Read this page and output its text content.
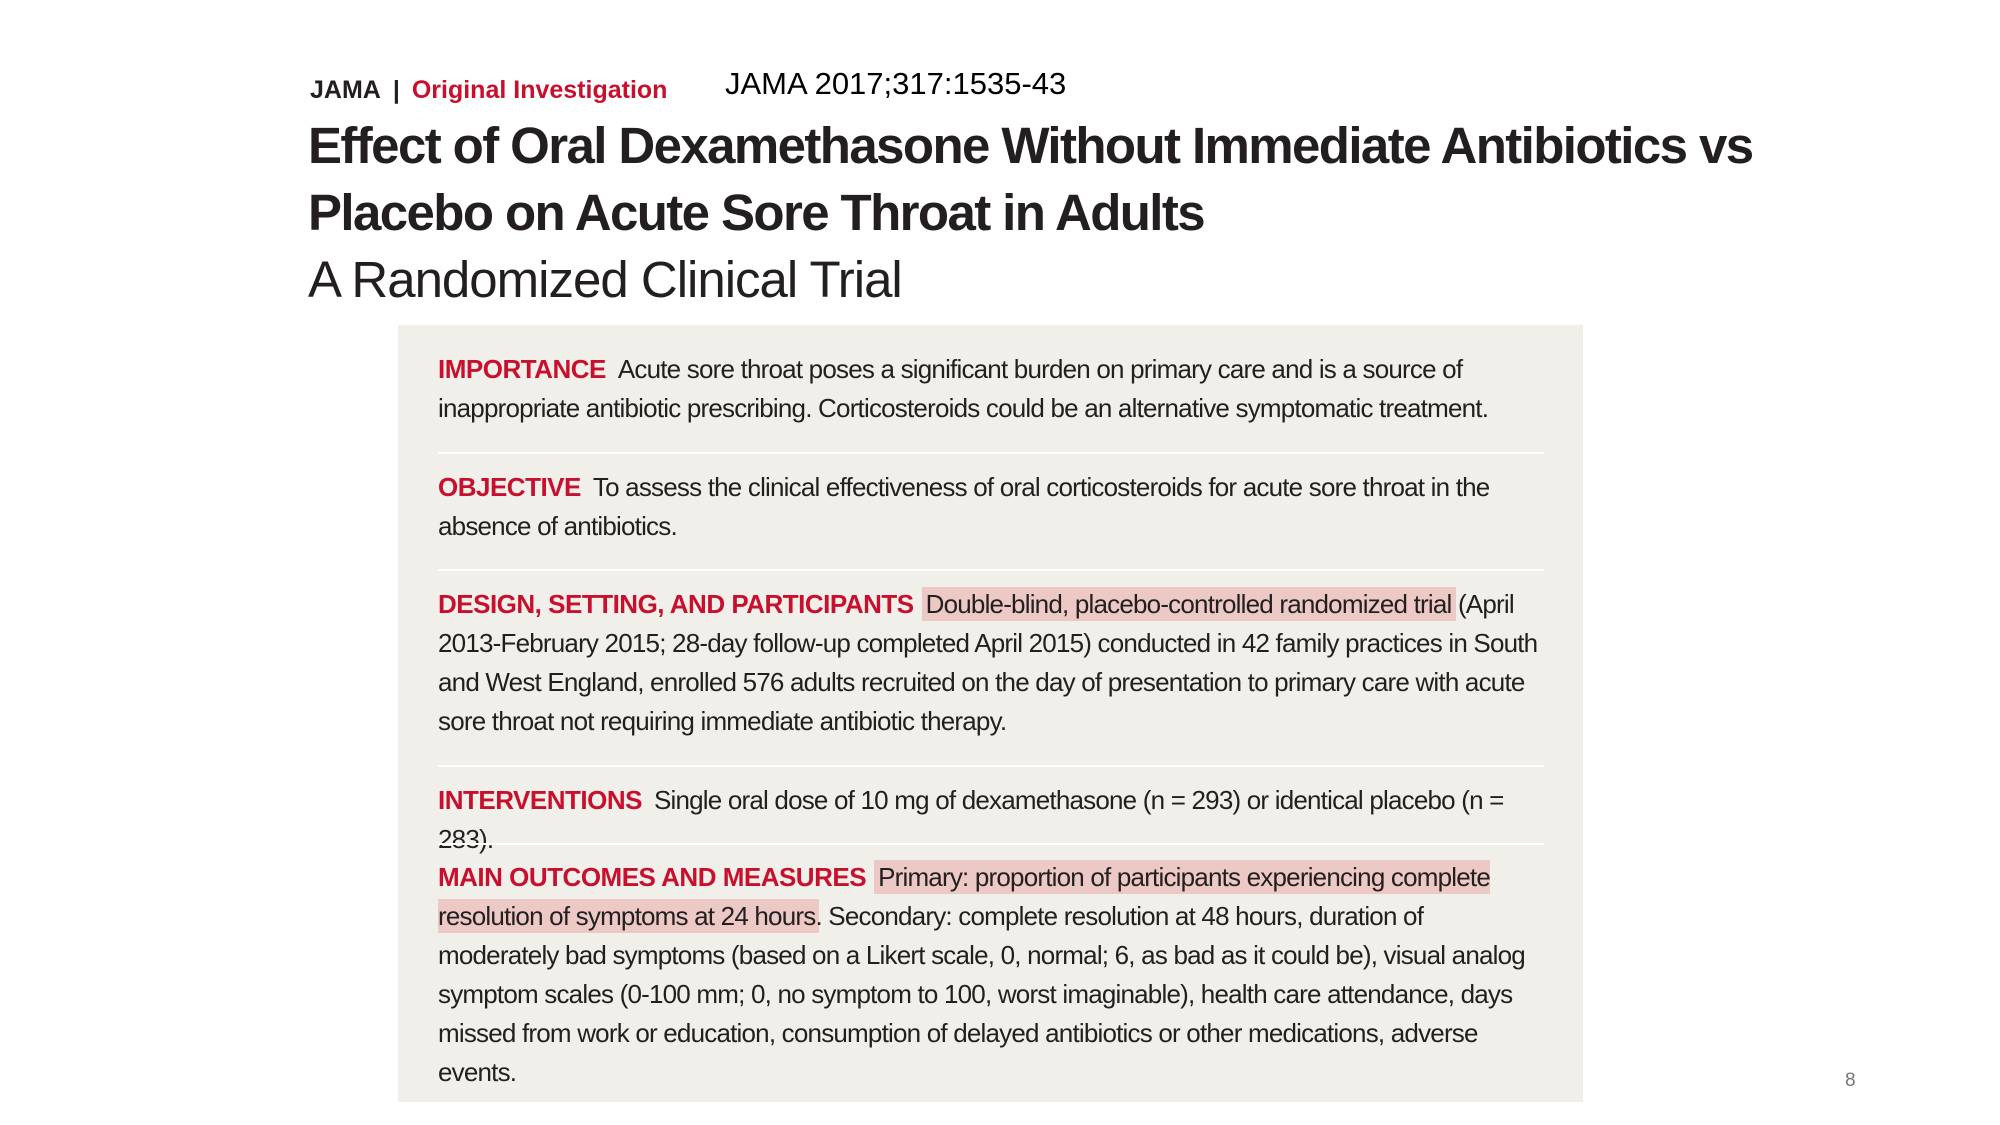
JAMA | Original Investigation JAMA 2017;317:1535-43
Effect of Oral Dexamethasone Without Immediate Antibiotics vs Placebo on Acute Sore Throat in Adults
A Randomized Clinical Trial
IMPORTANCE Acute sore throat poses a significant burden on primary care and is a source of inappropriate antibiotic prescribing. Corticosteroids could be an alternative symptomatic treatment.
OBJECTIVE To assess the clinical effectiveness of oral corticosteroids for acute sore throat in the absence of antibiotics.
DESIGN, SETTING, AND PARTICIPANTS Double-blind, placebo-controlled randomized trial (April 2013-February 2015; 28-day follow-up completed April 2015) conducted in 42 family practices in South and West England, enrolled 576 adults recruited on the day of presentation to primary care with acute sore throat not requiring immediate antibiotic therapy.
INTERVENTIONS Single oral dose of 10 mg of dexamethasone (n = 293) or identical placebo (n = 283).
MAIN OUTCOMES AND MEASURES Primary: proportion of participants experiencing complete resolution of symptoms at 24 hours. Secondary: complete resolution at 48 hours, duration of moderately bad symptoms (based on a Likert scale, 0, normal; 6, as bad as it could be), visual analog symptom scales (0-100 mm; 0, no symptom to 100, worst imaginable), health care attendance, days missed from work or education, consumption of delayed antibiotics or other medications, adverse events.	8
